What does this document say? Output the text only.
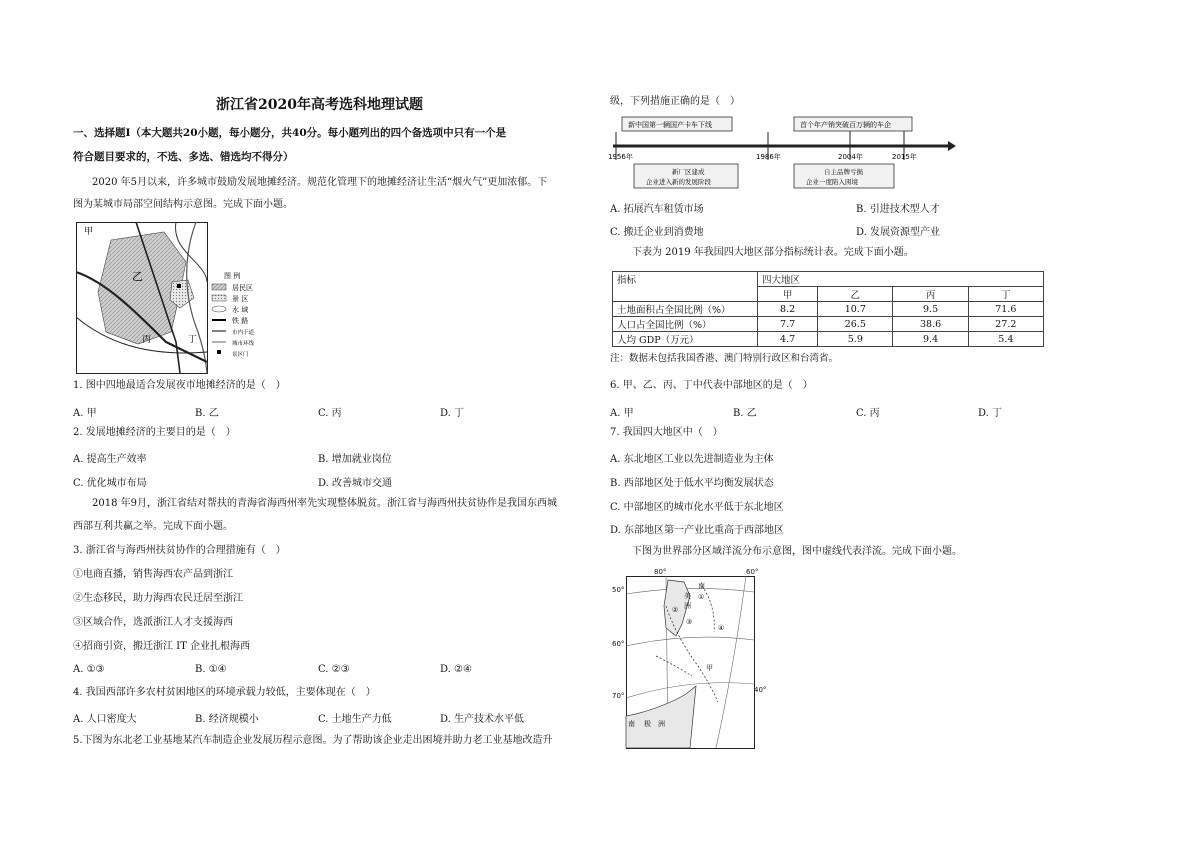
浙江省2020年高考选科地理试题
一、选择题Ⅰ（本大题共20小题，每小题分，共40分。每小题列出的四个备选项中只有一个是
符合题目要求的，不选、多选、错选均不得分）
2020 年5月以来，许多城市鼓励发展地摊经济。规范化管理下的地摊经济让生活“烟火气”更加浓郁。下
图为某城市局部空间结构示意图。完成下面小题。
甲
乙
丙	丁
图 例
居民区
景 区
水 域
铁 路
市内干道
城市环线
景区门
1. 图中四地最适合发展夜市地摊经济的是（　）
A. 甲	B. 乙	C. 丙	D. 丁
2. 发展地摊经济的主要目的是（　）
A. 提高生产效率	B. 增加就业岗位
C. 优化城市布局	D. 改善城市交通
2018 年9月，浙江省结对帮扶的青海省海西州率先实现整体脱贫。浙江省与海西州扶贫协作是我国东西城
西部互利共赢之举。完成下面小题。
3. 浙江省与海西州扶贫协作的合理措施有（　）
①电商直播，销售海西农产品到浙江
②生态移民，助力海西农民迁居至浙江
③区域合作，选派浙江人才支援海西
④招商引资，搬迁浙江 IT 企业扎根海西
A. ①③	B. ①④	C. ②③	D. ②④
4. 我国西部许多农村贫困地区的环境承载力较低，主要体现在（　）
A. 人口密度大	B. 经济规模小	C. 土地生产力低	D. 生产技术水平低
5.下图为东北老工业基地某汽车制造企业发展历程示意图。为了帮助该企业走出困境并助力老工业基地改造升
级，下列措施正确的是（　）
新中国第一辆国产卡车下线	首个年产销突破百万辆的车企
1956年	1986年	2004年	2015年
新厂区建成
企业进入新的发展阶段
自主品牌亏损
企业一度陷入困境
A. 拓展汽车租赁市场	B. 引进技术型人才
C. 搬迁企业到消费地	D. 发展资源型产业
下表为 2019 年我国四大地区部分指标统计表。完成下面小题。
指标	四大地区			
	甲	乙	丙	丁
土地面积占全国比例（%）	8.2	10.7	9.5	71.6
人口占全国比例（%）	7.7	26.5	38.6	27.2
人均 GDP（万元）	4.7	5.9	9.4	5.4
注：数据未包括我国香港、澳门特别行政区和台湾省。
6. 甲、乙、丙、丁中代表中部地区的是（　）
A. 甲	B. 乙	C. 丙	D. 丁
7. 我国四大地区中（　）
A. 东北地区工业以先进制造业为主体
B. 西部地区处于低水平均衡发展状态
C. 中部地区的城市化水平低于东北地区
D. 东部地区第一产业比重高于西部地区
下图为世界部分区域洋流分布示意图，图中虚线代表洋流。完成下面小题。
80°	60°
50°
60°
70°
40°
南
美
洲
①
②
③
④
甲
南 极 洲
